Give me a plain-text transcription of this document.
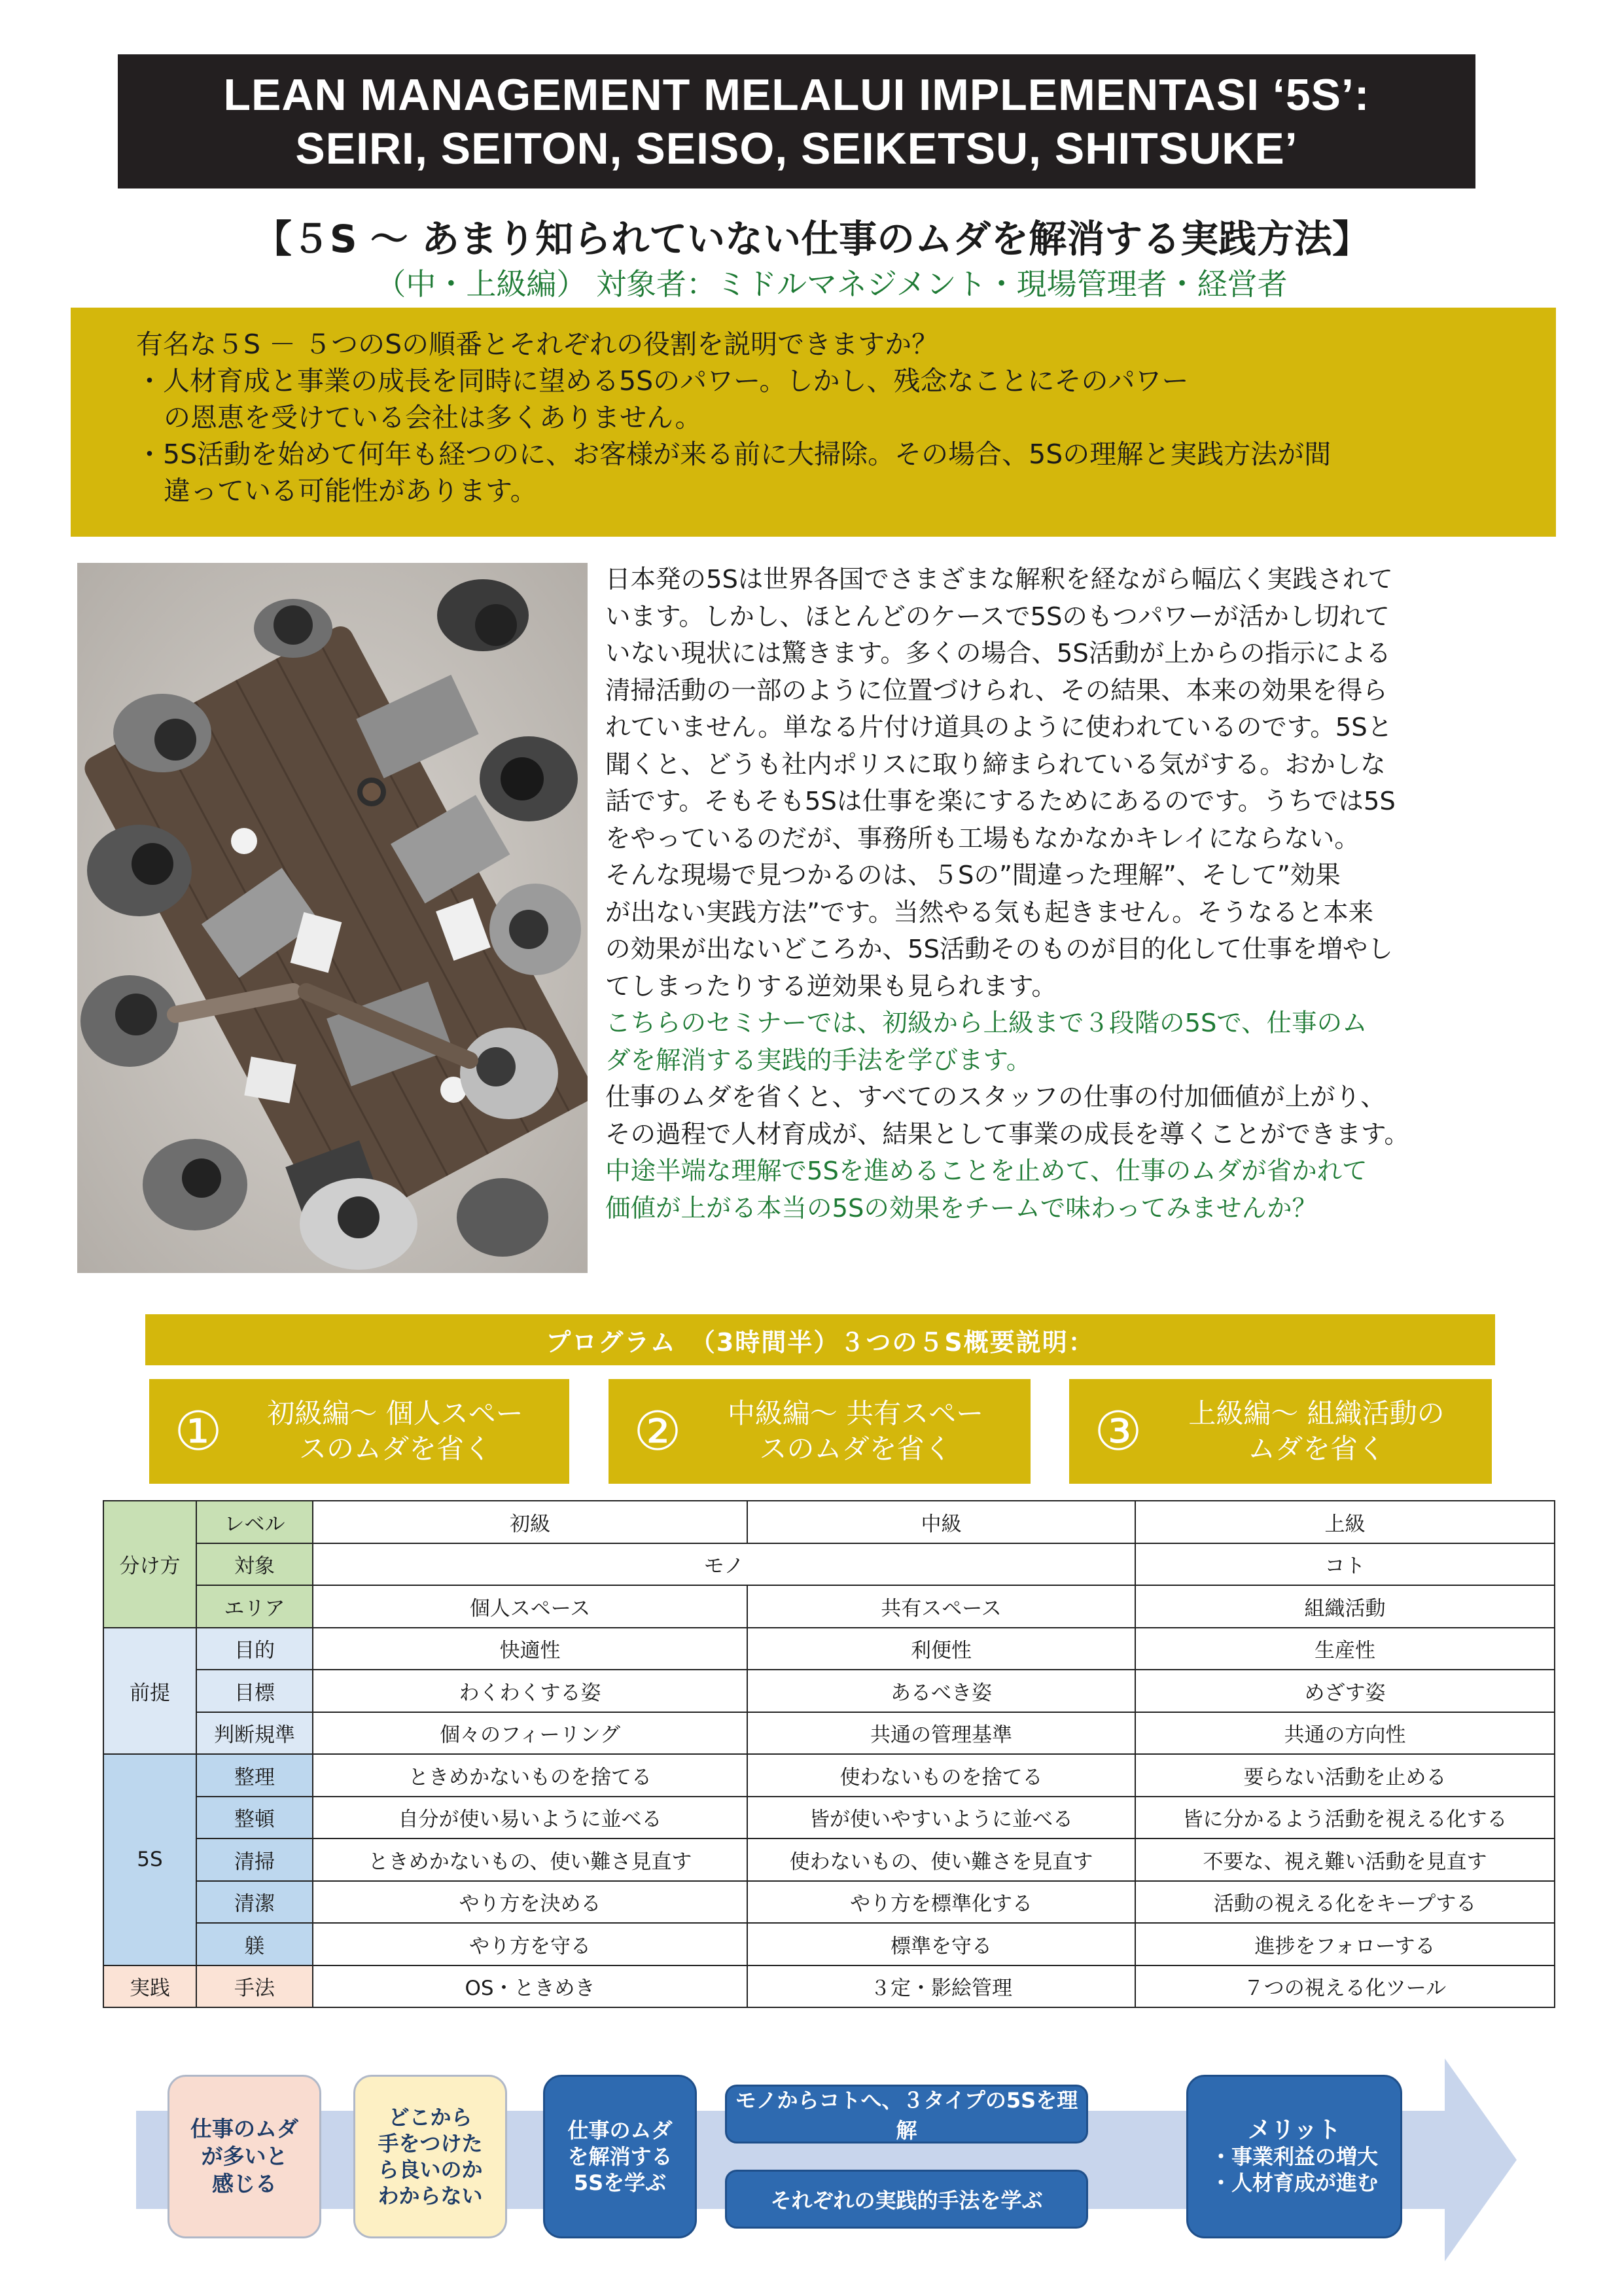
LEAN MANAGEMENT MELALUI IMPLEMENTASI ‘5S’:
SEIRI, SEITON, SEISO, SEIKETSU, SHITSUKE’
【５S ～ あまり知られていない仕事のムダを解消する実践方法】
（中・上級編） 対象者：ミドルマネジメント・現場管理者・経営者
有名な５S － ５つのSの順番とそれぞれの役割を説明できますか？
・人材育成と事業の成長を同時に望める5Sのパワー。しかし、残念なことにそのパワー
の恩恵を受けている会社は多くありません。
・5S活動を始めて何年も経つのに、お客様が来る前に大掃除。その場合、5Sの理解と実践方法が間
違っている可能性があります。
日本発の5Sは世界各国でさまざまな解釈を経ながら幅広く実践されて
います。しかし、ほとんどのケースで5Sのもつパワーが活かし切れて
いない現状には驚きます。多くの場合、5S活動が上からの指示による
清掃活動の一部のように位置づけられ、その結果、本来の効果を得ら
れていません。単なる片付け道具のように使われているのです。5Sと
聞くと、どうも社内ポリスに取り締まられている気がする。おかしな
話です。そもそも5Sは仕事を楽にするためにあるのです。うちでは5S
をやっているのだが、事務所も工場もなかなかキレイにならない。
そんな現場で見つかるのは、５Sの”間違った理解”、そして”効果
が出ない実践方法”です。当然やる気も起きません。そうなると本来
の効果が出ないどころか、5S活動そのものが目的化して仕事を増やし
てしまったりする逆効果も見られます。
こちらのセミナーでは、初級から上級まで３段階の5Sで、仕事のム
ダを解消する実践的手法を学びます。
仕事のムダを省くと、すべてのスタッフの仕事の付加価値が上がり、
その過程で人材育成が、結果として事業の成長を導くことができます。
中途半端な理解で5Sを進めることを止めて、仕事のムダが省かれて
価値が上がる本当の5Sの効果をチームで味わってみませんか？
プログラム　（3時間半）３つの５S概要説明：
①	初級編～ 個人スペー
スのムダを省く	②	中級編～ 共有スペー
スのムダを省く	③	上級編～ 組織活動の
ムダを省く
分け方	レベル	初級	中級	上級
	対象	モノ		コト
	エリア	個人スペース	共有スペース	組織活動
前提	目的	快適性	利便性	生産性
	目標	わくわくする姿	あるべき姿	めざす姿
	判断規準	個々のフィーリング	共通の管理基準	共通の方向性
5S	整理	ときめかないものを捨てる	使わないものを捨てる	要らない活動を止める
	整頓	自分が使い易いように並べる	皆が使いやすいように並べる	皆に分かるよう活動を視える化する
	清掃	ときめかないもの、使い難さ見直す	使わないもの、使い難さを見直す	不要な、視え難い活動を見直す
	清潔	やり方を決める	やり方を標準化する	活動の視える化をキープする
	躾	やり方を守る	標準を守る	進捗をフォローする
実践	手法	OS・ときめき	３定・影絵管理	７つの視える化ツール
仕事のムダ
が多いと
感じる
どこから
手をつけた
ら良いのか
わからない
仕事のムダ
を解消する
5Sを学ぶ
モノからコトへ、３タイプの5Sを理解
それぞれの実践的手法を学ぶ
メリット
・事業利益の増大
・人材育成が進む
